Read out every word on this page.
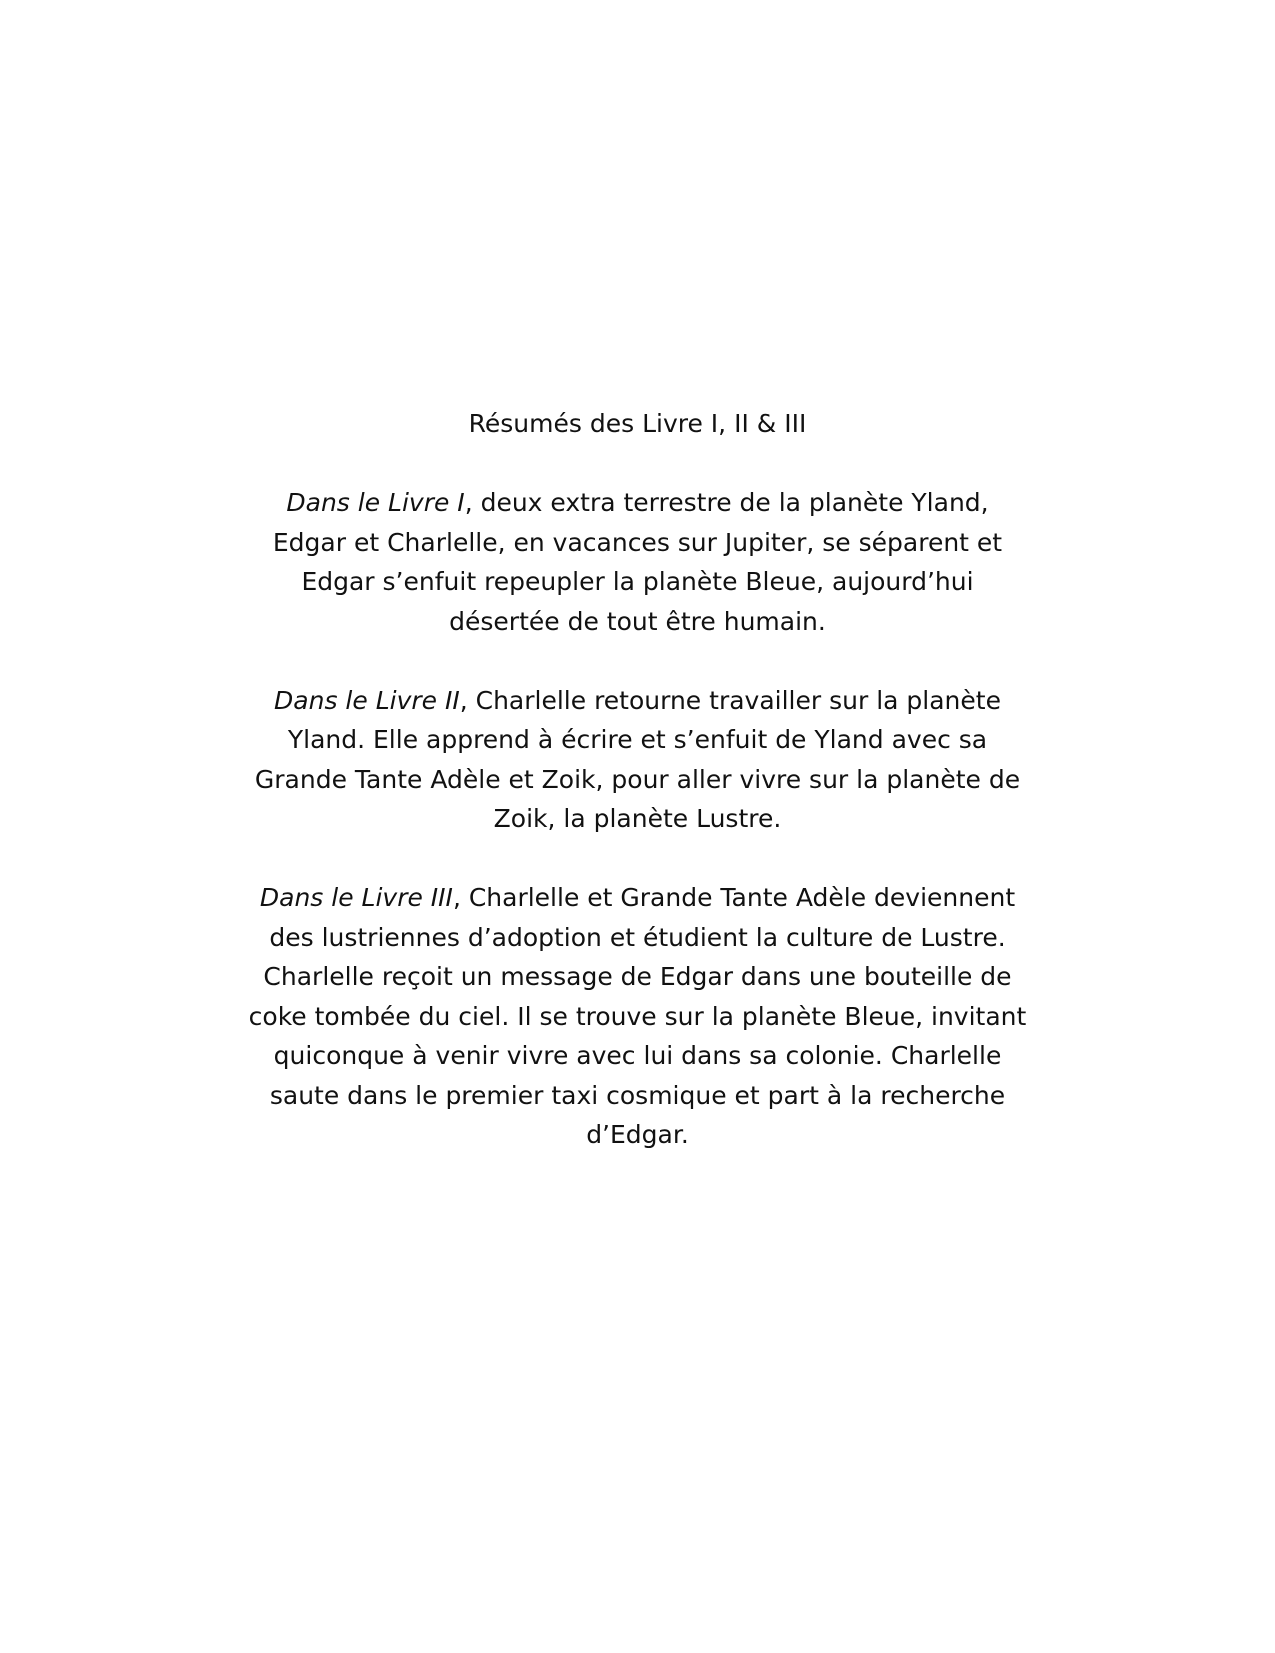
Résumés des Livre I, II & III
Dans le Livre I, deux extra terrestre de la planète Yland,
Edgar et Charlelle, en vacances sur Jupiter, se séparent et
Edgar s’enfuit repeupler la planète Bleue, aujourd’hui
désertée de tout être humain.
Dans le Livre II, Charlelle retourne travailler sur la planète
Yland. Elle apprend à écrire et s’enfuit de Yland avec sa
Grande Tante Adèle et Zoik, pour aller vivre sur la planète de
Zoik, la planète Lustre.
Dans le Livre III, Charlelle et Grande Tante Adèle deviennent
des lustriennes d’adoption et étudient la culture de Lustre.
Charlelle reçoit un message de Edgar dans une bouteille de
coke tombée du ciel. Il se trouve sur la planète Bleue, invitant
quiconque à venir vivre avec lui dans sa colonie. Charlelle
saute dans le premier taxi cosmique et part à la recherche
d’Edgar.
